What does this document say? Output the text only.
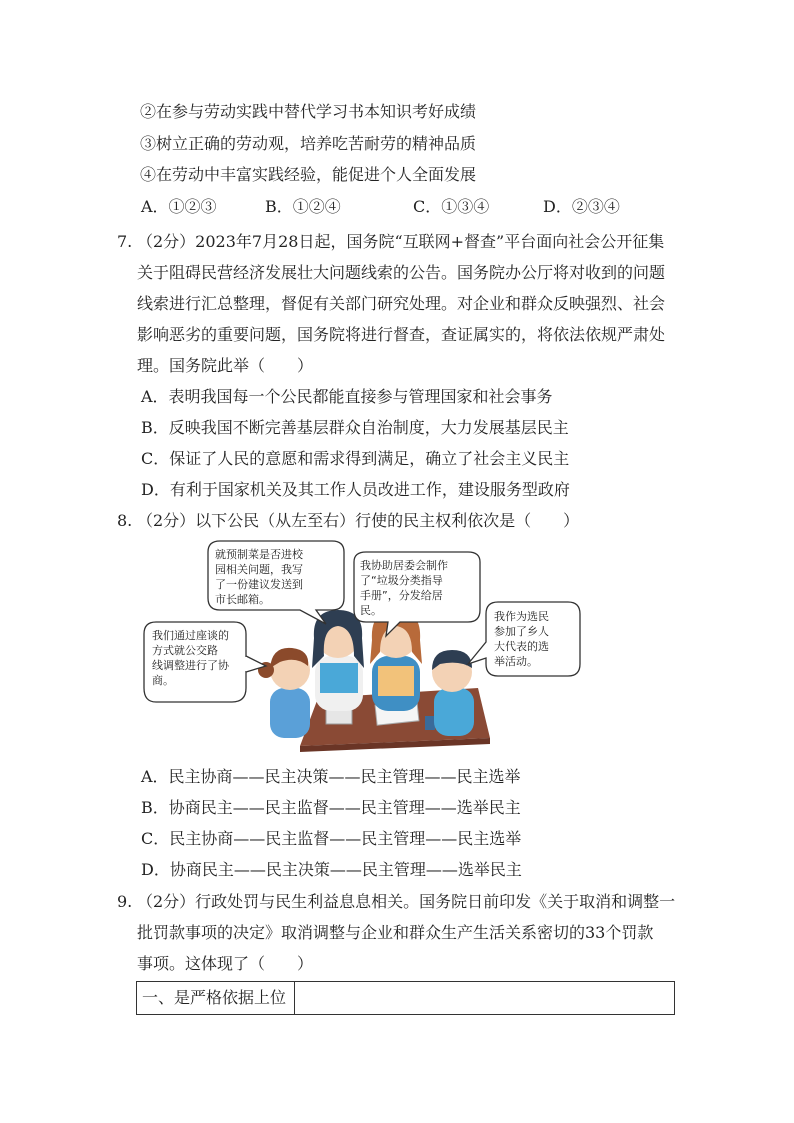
②在参与劳动实践中替代学习书本知识考好成绩
③树立正确的劳动观，培养吃苦耐劳的精神品质
④在劳动中丰富实践经验，能促进个人全面发展
A．①②③	B．①②④	C．①③④	D．②③④
7. （2分）2023年7月28日起，国务院“互联网+督查”平台面向社会公开征集
关于阻碍民营经济发展壮大问题线索的公告。国务院办公厅将对收到的问题
线索进行汇总整理，督促有关部门研究处理。对企业和群众反映强烈、社会
影响恶劣的重要问题，国务院将进行督查，查证属实的，将依法依规严肃处
理。国务院此举（　　）
A．表明我国每一个公民都能直接参与管理国家和社会事务
B．反映我国不断完善基层群众自治制度，大力发展基层民主
C．保证了人民的意愿和需求得到满足，确立了社会主义民主
D．有利于国家机关及其工作人员改进工作，建设服务型政府
8. （2分）以下公民（从左至右）行使的民主权利依次是（　　）
我们通过座谈的
方式就公交路
线调整进行了协
商。
就预制菜是否进校
园相关问题，我写
了一份建议发送到
市长邮箱。
我协助居委会制作
了“垃圾分类指导
手册”，分发给居
民。	我作为选民
参加了乡人
大代表的选
举活动。
A．民主协商——民主决策——民主管理——民主选举
B．协商民主——民主监督——民主管理——选举民主
C．民主协商——民主监督——民主管理——民主选举
D．协商民主——民主决策——民主管理——选举民主
9. （2分）行政处罚与民生利益息息相关。国务院日前印发《关于取消和调整一
批罚款事项的决定》取消调整与企业和群众生产生活关系密切的33个罚款
事项。这体现了（　　）
一、是严格依据上位
